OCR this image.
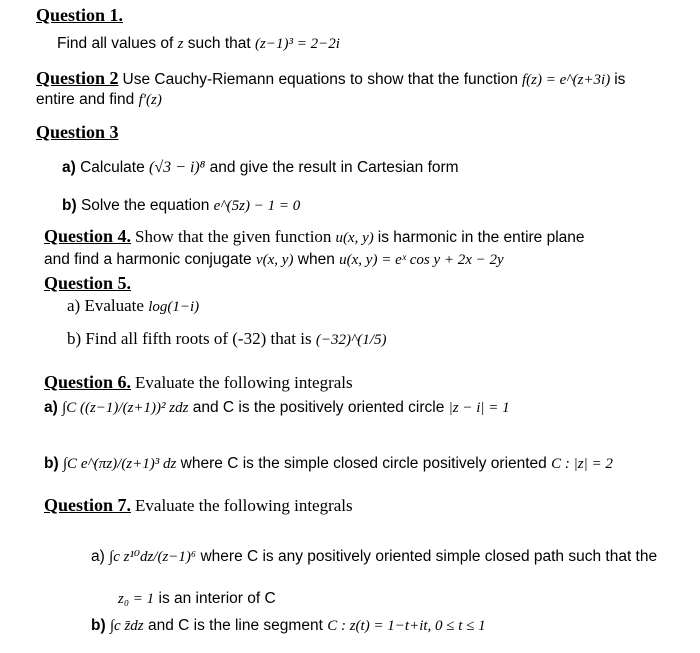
Question 1.
Find all values of z such that (z−1)³ = 2−2i
Question 2 Use Cauchy-Riemann equations to show that the function f(z) = e^(z+3i) is
entire and find f′(z)
Question 3
a) Calculate (√3 − i)⁸ and give the result in Cartesian form
b) Solve the equation e^(5z) − 1 = 0
Question 4. Show that the given function u(x, y) is harmonic in the entire plane
and find a harmonic conjugate v(x, y) when u(x, y) = eˣ cos y + 2x − 2y
Question 5.
a) Evaluate log(1−i)
b) Find all fifth roots of (-32) that is (−32)^(1/5)
Question 6. Evaluate the following integrals
a) ∫C ((z−1)/(z+1))² zdz and C is the positively oriented circle |z − i| = 1
b) ∫C e^(πz)/(z+1)³ dz where C is the simple closed circle positively oriented C : |z| = 2
Question 7. Evaluate the following integrals
a) ∫c z¹⁰dz/(z−1)⁶ where C is any positively oriented simple closed path such that the
z₀ = 1 is an interior of C
b) ∫c z̄dz and C is the line segment C : z(t) = 1−t+it, 0 ≤ t ≤ 1
